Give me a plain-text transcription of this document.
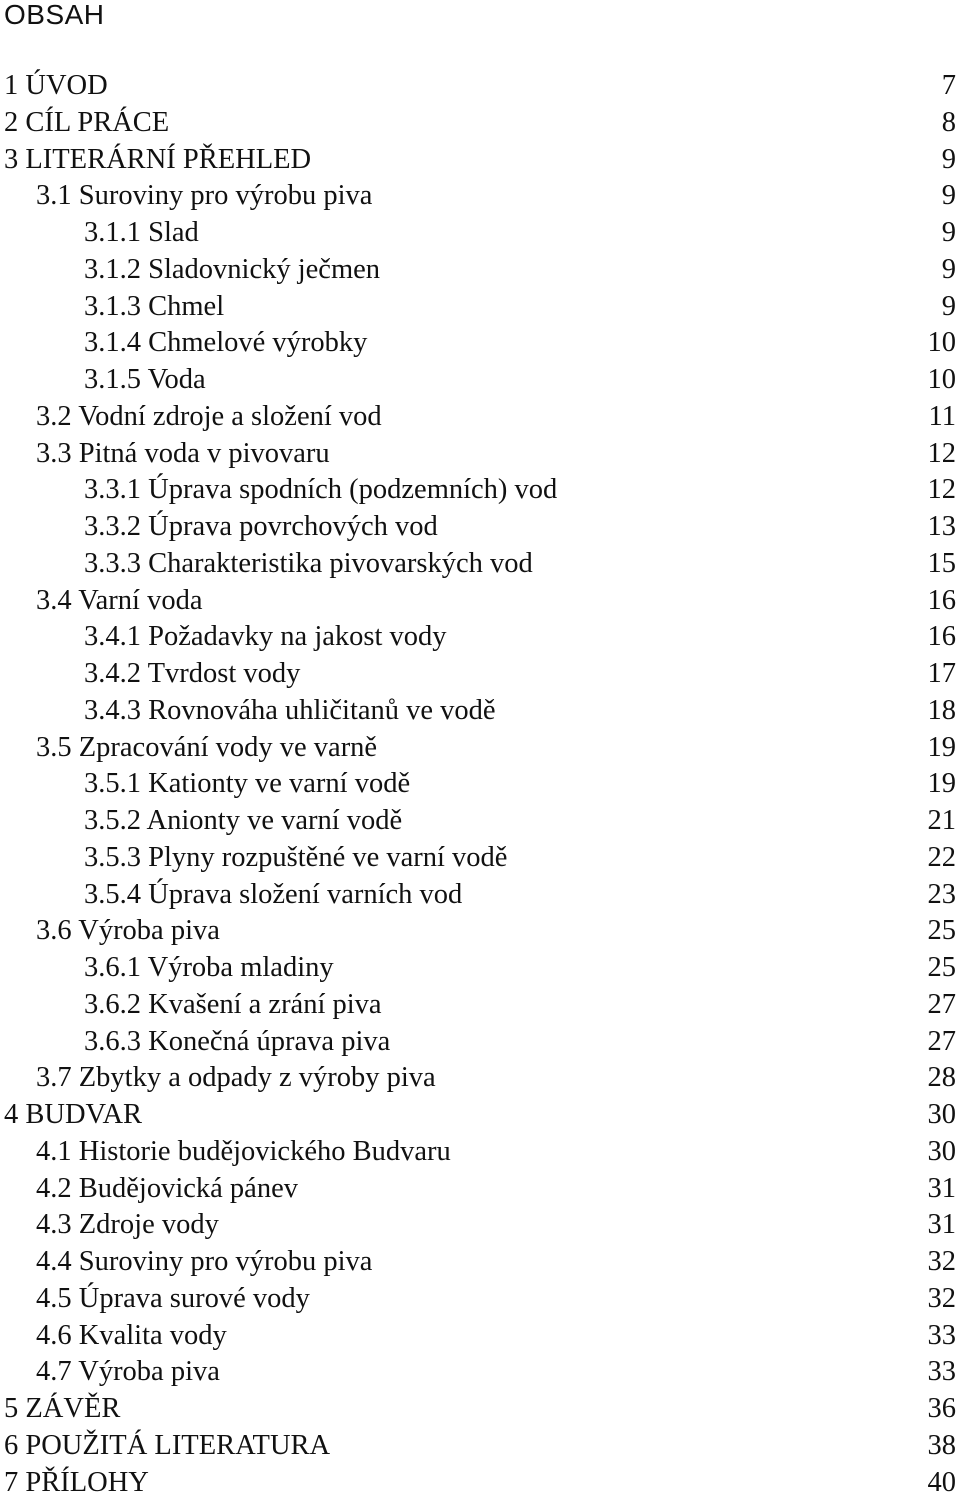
OBSAH
1 ÚVOD	7
2 CÍL PRÁCE	8
3 LITERÁRNÍ PŘEHLED	9
3.1 Suroviny pro výrobu piva	9
3.1.1 Slad	9
3.1.2 Sladovnický ječmen	9
3.1.3 Chmel	9
3.1.4 Chmelové výrobky	10
3.1.5 Voda	10
3.2 Vodní zdroje a složení vod	11
3.3 Pitná voda v pivovaru	12
3.3.1 Úprava spodních (podzemních) vod	12
3.3.2 Úprava povrchových vod	13
3.3.3 Charakteristika pivovarských vod	15
3.4 Varní voda	16
3.4.1 Požadavky na jakost vody	16
3.4.2 Tvrdost vody	17
3.4.3 Rovnováha uhličitanů ve vodě	18
3.5 Zpracování vody ve varně	19
3.5.1 Kationty ve varní vodě	19
3.5.2 Anionty ve varní vodě	21
3.5.3 Plyny rozpuštěné ve varní vodě	22
3.5.4 Úprava složení varních vod	23
3.6 Výroba piva	25
3.6.1 Výroba mladiny	25
3.6.2 Kvašení a zrání piva	27
3.6.3 Konečná úprava piva	27
3.7 Zbytky a odpady z výroby piva	28
4 BUDVAR	30
4.1 Historie budějovického Budvaru	30
4.2 Budějovická pánev	31
4.3 Zdroje vody	31
4.4 Suroviny pro výrobu piva	32
4.5 Úprava surové vody	32
4.6 Kvalita vody	33
4.7 Výroba piva	33
5 ZÁVĚR	36
6 POUŽITÁ LITERATURA	38
7 PŘÍLOHY	40
